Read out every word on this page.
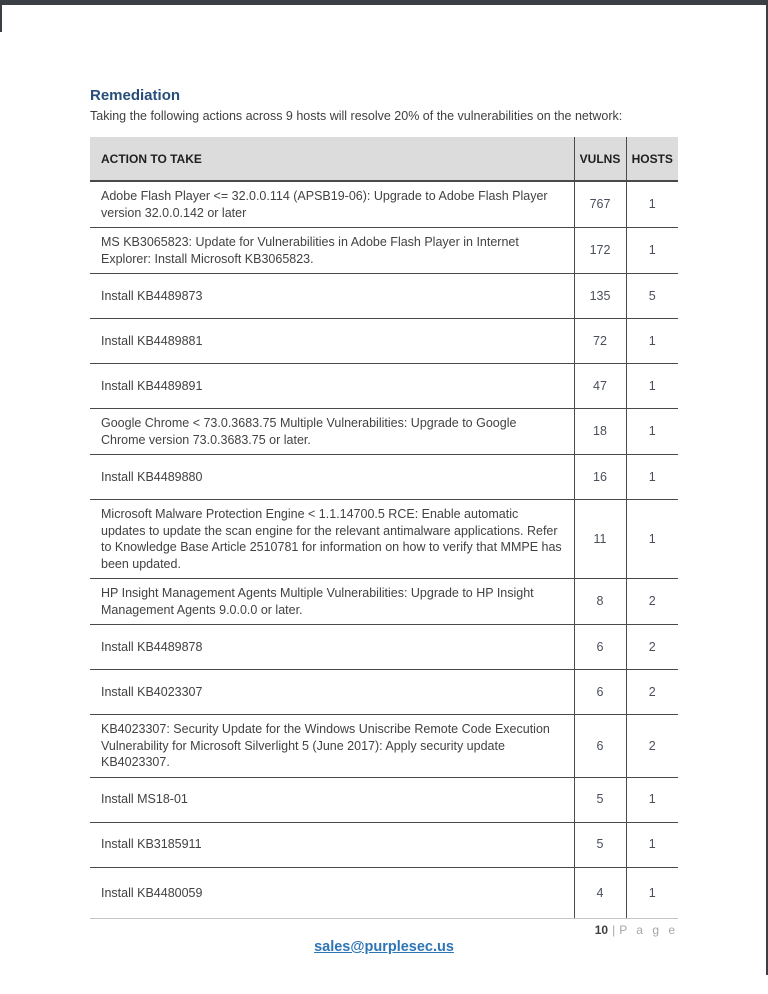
Remediation
Taking the following actions across 9 hosts will resolve 20% of the vulnerabilities on the network:
ACTION TO TAKE	VULNS	HOSTS
Adobe Flash Player <= 32.0.0.114 (APSB19-06): Upgrade to Adobe Flash Player version 32.0.0.142 or later	767	1
MS KB3065823: Update for Vulnerabilities in Adobe Flash Player in Internet Explorer: Install Microsoft KB3065823.	172	1
Install KB4489873	135	5
Install KB4489881	72	1
Install KB4489891	47	1
Google Chrome < 73.0.3683.75 Multiple Vulnerabilities: Upgrade to Google Chrome version 73.0.3683.75 or later.	18	1
Install KB4489880	16	1
Microsoft Malware Protection Engine < 1.1.14700.5 RCE: Enable automatic updates to update the scan engine for the relevant antimalware applications. Refer to Knowledge Base Article 2510781 for information on how to verify that MMPE has been updated.	11	1
HP Insight Management Agents Multiple Vulnerabilities: Upgrade to HP Insight Management Agents 9.0.0.0 or later.	8	2
Install KB4489878	6	2
Install KB4023307	6	2
KB4023307: Security Update for the Windows Uniscribe Remote Code Execution Vulnerability for Microsoft Silverlight 5 (June 2017): Apply security update KB4023307.	6	2
Install MS18-01	5	1
Install KB3185911	5	1
Install KB4480059	4	1
10 | P a g e
sales@purplesec.us
